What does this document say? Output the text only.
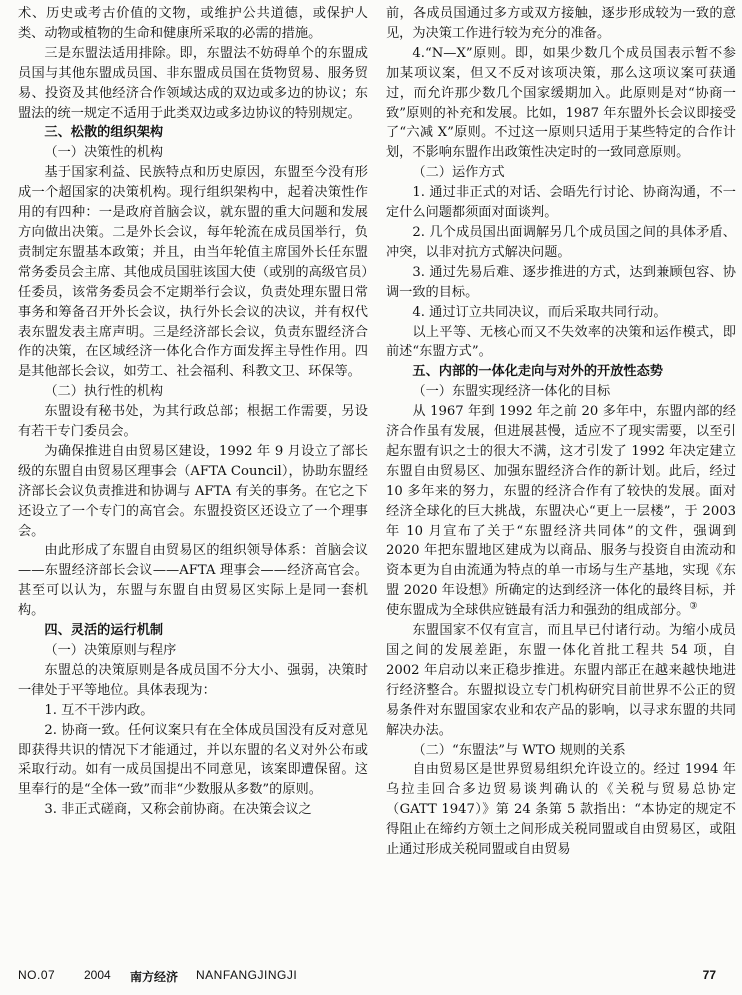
术、历史或考古价值的文物，或维护公共道德，或保护人类、动物或植物的生命和健康所采取的必需的措施。

三是东盟法适用排除。即，东盟法不妨碍单个的东盟成员国与其他东盟成员国、非东盟成员国在货物贸易、服务贸易、投资及其他经济合作领域达成的双边或多边的协议；东盟法的统一规定不适用于此类双边或多边协议的特别规定。

三、松散的组织架构
（一）决策性的机构

基于国家利益、民族特点和历史原因，东盟至今没有形成一个超国家的决策机构。现行组织架构中，起着决策性作用的有四种：一是政府首脑会议，就东盟的重大问题和发展方向做出决策。二是外长会议，每年轮流在成员国举行，负责制定东盟基本政策；并且，由当年轮值主席国外长任东盟常务委员会主席、其他成员国驻该国大使（或别的高级官员）任委员，该常务委员会不定期举行会议，负责处理东盟日常事务和筹备召开外长会议，执行外长会议的决议，并有权代表东盟发表主席声明。三是经济部长会议，负责东盟经济合作的决策，在区域经济一体化合作方面发挥主导性作用。四是其他部长会议，如劳工、社会福利、科教文卫、环保等。

（二）执行性的机构

东盟设有秘书处，为其行政总部；根据工作需要，另设有若干专门委员会。

为确保推进自由贸易区建设，1992 年 9 月设立了部长级的东盟自由贸易区理事会（AFTA Council），协助东盟经济部长会议负责推进和协调与 AFTA 有关的事务。在它之下还设立了一个专门的高官会。东盟投资区还设立了一个理事会。

由此形成了东盟自由贸易区的组织领导体系：首脑会议——东盟经济部长会议——AFTA 理事会——经济高官会。甚至可以认为，东盟与东盟自由贸易区实际上是同一套机构。

四、灵活的运行机制
（一）决策原则与程序

东盟总的决策原则是各成员国不分大小、强弱，决策时一律处于平等地位。具体表现为：

1. 互不干涉内政。

2. 协商一致。任何议案只有在全体成员国没有反对意见即获得共识的情况下才能通过，并以东盟的名义对外公布或采取行动。如有一成员国提出不同意见，该案即遭保留。这里奉行的是“全体一致”而非“少数服从多数”的原则。

3. 非正式磋商，又称会前协商。在决策会议之

前，各成员国通过多方或双方接触，逐步形成较为一致的意见，为决策工作进行较为充分的准备。

4.“N—X”原则。即，如果少数几个成员国表示暂不参加某项议案，但又不反对该项决策，那么这项议案可获通过，而允许那少数几个国家缓期加入。此原则是对“协商一致”原则的补充和发展。比如，1987 年东盟外长会议即接受了“六减 X”原则。不过这一原则只适用于某些特定的合作计划，不影响东盟作出政策性决定时的一致同意原则。

（二）运作方式

1. 通过非正式的对话、会晤先行讨论、协商沟通，不一定什么问题都须面对面谈判。

2. 几个成员国出面调解另几个成员国之间的具体矛盾、冲突，以非对抗方式解决问题。

3. 通过先易后难、逐步推进的方式，达到兼顾包容、协调一致的目标。

4. 通过订立共同决议，而后采取共同行动。

以上平等、无核心而又不失效率的决策和运作模式，即前述“东盟方式”。

五、内部的一体化走向与对外的开放性态势
（一）东盟实现经济一体化的目标

从 1967 年到 1992 年之前 20 多年中，东盟内部的经济合作虽有发展，但进展甚慢，适应不了现实需要，以至引起东盟有识之士的很大不满，这才引发了 1992 年决定建立东盟自由贸易区、加强东盟经济合作的新计划。此后，经过 10 多年来的努力，东盟的经济合作有了较快的发展。面对经济全球化的巨大挑战，东盟决心“更上一层楼”，于 2003 年 10 月宣布了关于“东盟经济共同体”的文件，强调到 2020 年把东盟地区建成为以商品、服务与投资自由流动和资本更为自由流通为特点的单一市场与生产基地，实现《东盟 2020 年设想》所确定的达到经济一体化的最终目标，并使东盟成为全球供应链最有活力和强劲的组成部分。③

东盟国家不仅有宣言，而且早已付诸行动。为缩小成员国之间的发展差距，东盟一体化首批工程共 54 项，自 2002 年启动以来正稳步推进。东盟内部正在越来越快地进行经济整合。东盟拟设立专门机构研究目前世界不公正的贸易条件对东盟国家农业和农产品的影响，以寻求东盟的共同解决办法。

（二）“东盟法”与 WTO 规则的关系

自由贸易区是世界贸易组织允许设立的。经过 1994 年乌拉圭回合多边贸易谈判确认的《关税与贸易总协定（GATT 1947）》第 24 条第 5 款指出：“本协定的规定不得阻止在缔约方领土之间形成关税同盟或自由贸易区，或阻止通过形成关税同盟或自由贸易

NO.07 2004 南方经济 NANFANGJINGJI	77
